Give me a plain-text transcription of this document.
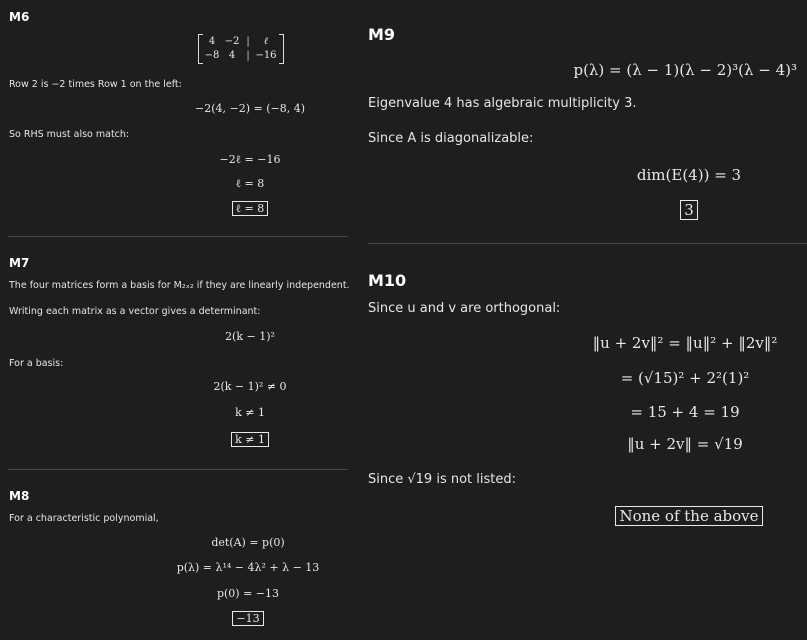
M6
4 −2 |	ℓ
−8 4	| −16
Row 2 is −2 times Row 1 on the left:
−2(4, −2) = (−8, 4)
So RHS must also match:
−2ℓ = −16
ℓ = 8
ℓ = 8
M7
The four matrices form a basis for M₂ₓ₂ if they are linearly independent.
Writing each matrix as a vector gives a determinant:
2(k − 1)²
For a basis:
2(k − 1)² ≠ 0
k ≠ 1
k ≠ 1
M8
For a characteristic polynomial,
det(A) = p(0)
p(λ) = λ¹⁴ − 4λ² + λ − 13
p(0) = −13
−13
M9
p(λ) = (λ − 1)(λ − 2)³(λ − 4)³
Eigenvalue 4 has algebraic multiplicity 3.
Since A is diagonalizable:
dim(E(4)) = 3
3
M10
Since u and v are orthogonal:
‖u + 2v‖² = ‖u‖² + ‖2v‖²
= (√15)² + 2²(1)²
= 15 + 4 = 19
‖u + 2v‖ = √19
Since √19 is not listed:
None of the above
